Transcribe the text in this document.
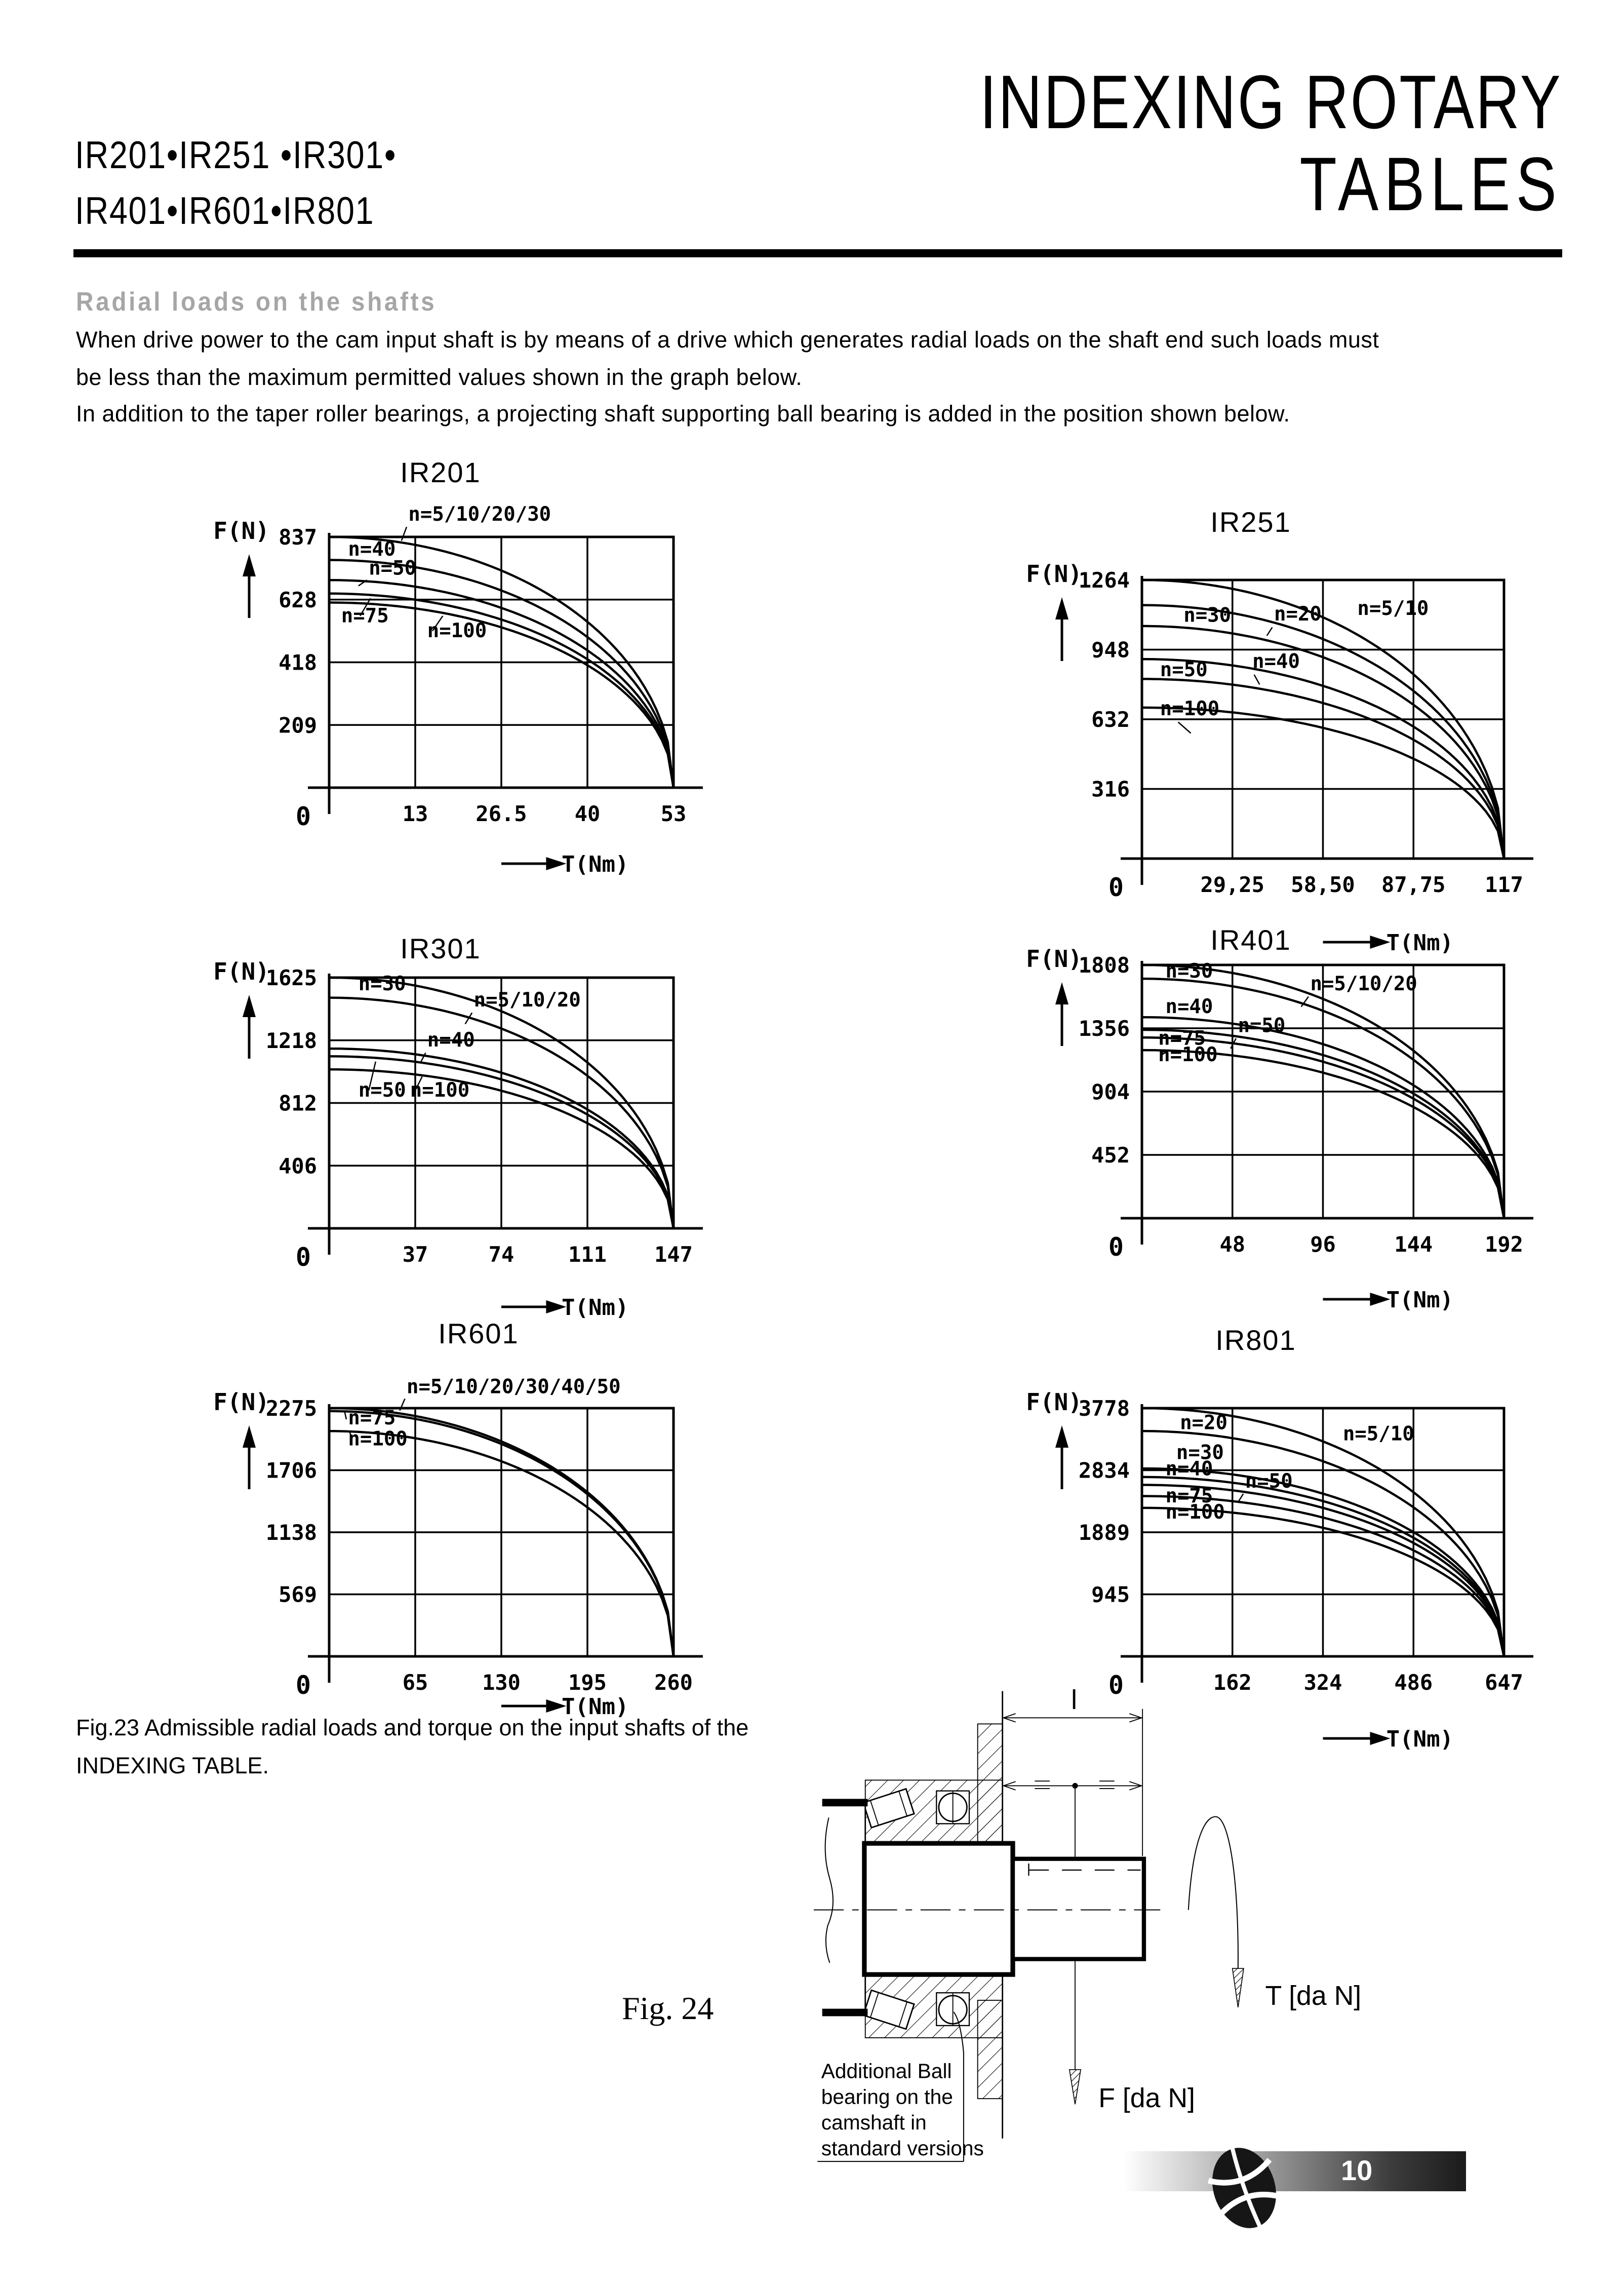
IR201•IR251 •IR301•
IR401•IR601•IR801
INDEXING ROTARY
TABLES
Radial loads on the shafts
When drive power to the cam input shaft is by means of a drive which generates radial loads on the shaft end such loads must
be less than the maximum permitted values shown in the graph below.
In addition to the taper roller bearings, a projecting shaft supporting ball bearing is added in the position shown below.
IR201
837
628
418
209
0	13 26.5 40	53
F(N)
T(Nm)
n=5/10/20/30
n=40
n=50
n=75
n=100
IR251
1264
948
632
316
0	29,25 58,50 87,75 117
F(N)
T(Nm)
n=5/10
n=20
n=30
n=40
n=50
n=100
IR301
1625
1218
812
406
0	37	74	111 147
F(N)
T(Nm)
n=5/10/20
n=30
n=40
n=50 n=100
IR401
1808
1356
904
452
0	48	96	144 192
F(N)
T(Nm)
n=5/10/20
n=30
n=40
n=50
n=75
n=100
IR601
2275
1706
1138
569
0	65	130 195 260
F(N)
T(Nm)
n=5/10/20/30/40/50
n=75
n=100
IR801
3778
2834
1889
945
0	162 324 486 647
F(N)
T(Nm)
n=5/10
n=20
n=30
n=40
n=50
n=75
n=100
Fig.23 Admissible radial loads and torque on the input shafts of the
INDEXING TABLE.
Fig. 24
l
F [da N]
T [da N]
Additional Ball
bearing on the
camshaft in
standard versions
10
